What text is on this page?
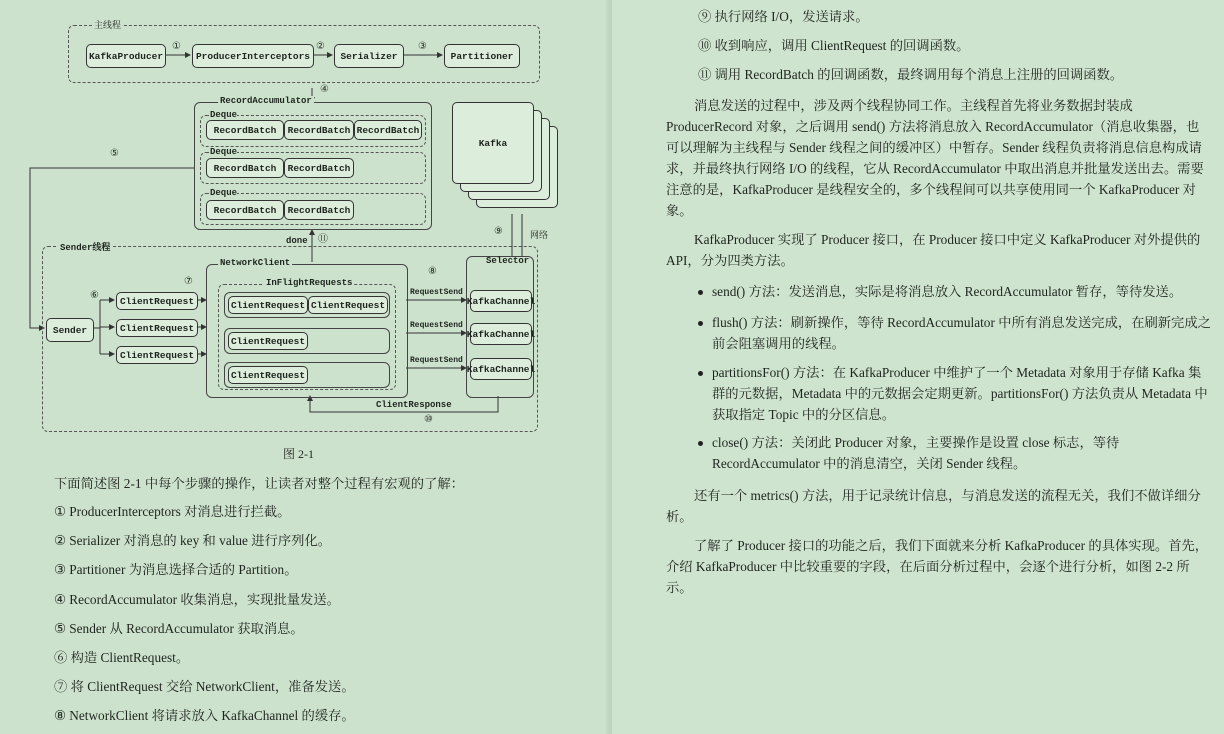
主线程
KafkaProducer
①
ProducerInterceptors
②
Serializer
③
Partitioner
④
RecordAccumulator
Deque
RecordBatch	RecordBatch RecordBatch
Deque
RecordBatch	RecordBatch
Deque
RecordBatch	RecordBatch
⑤
Kafka
done ⑪
⑨	网络
Sender线程
Sender
⑥	ClientRequest
ClientRequest
ClientRequest
⑦
NetworkClient
InFlightRequests
ClientRequest ClientRequest
ClientRequest
ClientRequest
⑧
RequestSend
RequestSend
RequestSend
Selector
KafkaChannel
KafkaChannel
KafkaChannel
ClientResponse
⑩
图 2-1
下面简述图 2-1 中每个步骤的操作，让读者对整个过程有宏观的了解：
① ProducerInterceptors 对消息进行拦截。
② Serializer 对消息的 key 和 value 进行序列化。
③ Partitioner 为消息选择合适的 Partition。
④ RecordAccumulator 收集消息，实现批量发送。
⑤ Sender 从 RecordAccumulator 获取消息。
⑥ 构造 ClientRequest。
⑦ 将 ClientRequest 交给 NetworkClient，准备发送。
⑧ NetworkClient 将请求放入 KafkaChannel 的缓存。
⑨ 执行网络 I/O，发送请求。
⑩ 收到响应，调用 ClientRequest 的回调函数。
⑪ 调用 RecordBatch 的回调函数，最终调用每个消息上注册的回调函数。
消息发送的过程中，涉及两个线程协同工作。主线程首先将业务数据封装成 ProducerRecord 对象，之后调用 send() 方法将消息放入 RecordAccumulator（消息收集器，也可以理解为主线程与 Sender 线程之间的缓冲区）中暂存。Sender 线程负责将消息信息构成请求，并最终执行网络 I/O 的线程，它从 RecordAccumulator 中取出消息并批量发送出去。需要注意的是，KafkaProducer 是线程安全的，多个线程间可以共享使用同一个 KafkaProducer 对象。
KafkaProducer 实现了 Producer 接口，在 Producer 接口中定义 KafkaProducer 对外提供的 API，分为四类方法。
send() 方法：发送消息，实际是将消息放入 RecordAccumulator 暂存，等待发送。
flush() 方法：刷新操作，等待 RecordAccumulator 中所有消息发送完成，在刷新完成之前会阻塞调用的线程。
partitionsFor() 方法：在 KafkaProducer 中维护了一个 Metadata 对象用于存储 Kafka 集群的元数据，Metadata 中的元数据会定期更新。partitionsFor() 方法负责从 Metadata 中获取指定 Topic 中的分区信息。
close() 方法：关闭此 Producer 对象，主要操作是设置 close 标志，等待 RecordAccumulator 中的消息清空，关闭 Sender 线程。
还有一个 metrics() 方法，用于记录统计信息，与消息发送的流程无关，我们不做详细分析。
了解了 Producer 接口的功能之后，我们下面就来分析 KafkaProducer 的具体实现。首先，介绍 KafkaProducer 中比较重要的字段，在后面分析过程中，会逐个进行分析，如图 2-2 所示。
